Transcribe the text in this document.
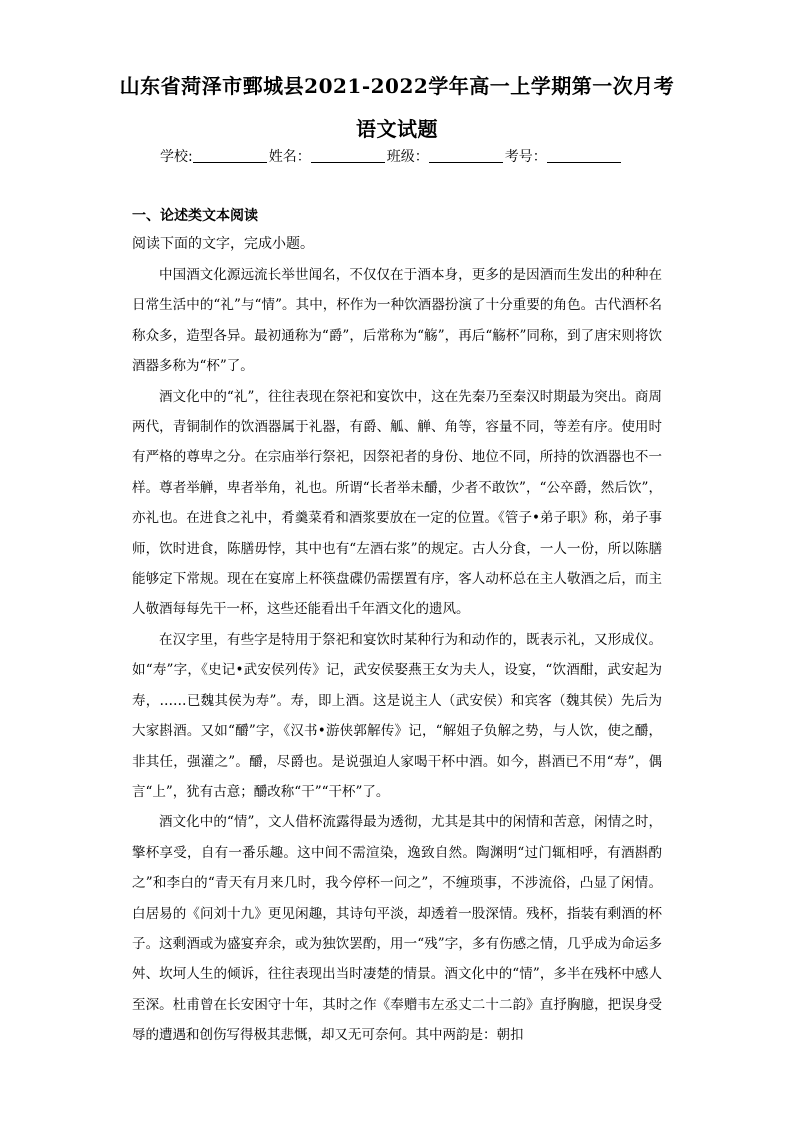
山东省菏泽市鄄城县2021-2022学年高一上学期第一次月考
语文试题
学校:	姓名：	班级：	考号：
一、论述类文本阅读
阅读下面的文字，完成小题。

中国酒文化源远流长举世闻名，不仅仅在于酒本身，更多的是因酒而生发出的种种在日常生活中的“礼”与“情”。其中，杯作为一种饮酒器扮演了十分重要的角色。古代酒杯名称众多，造型各异。最初通称为“爵”，后常称为“觞”，再后“觞杯”同称，到了唐宋则将饮酒器多称为“杯”了。

酒文化中的“礼”，往往表现在祭祀和宴饮中，这在先秦乃至秦汉时期最为突出。商周两代，青铜制作的饮酒器属于礼器，有爵、觚、觯、角等，容量不同，等差有序。使用时有严格的尊卑之分。在宗庙举行祭祀，因祭祀者的身份、地位不同，所持的饮酒器也不一样。尊者举觯，卑者举角，礼也。所谓“长者举未釂，少者不敢饮”，“公卒爵，然后饮”，亦礼也。在进食之礼中，肴羹菜肴和酒浆要放在一定的位置。《管子•弟子职》称，弟子事师，饮时进食，陈膳毋悖，其中也有“左酒右浆”的规定。古人分食，一人一份，所以陈膳能够定下常规。现在在宴席上杯筷盘碟仍需摆置有序，客人动杯总在主人敬酒之后，而主人敬酒每每先干一杯，这些还能看出千年酒文化的遗风。

在汉字里，有些字是特用于祭祀和宴饮时某种行为和动作的，既表示礼，又形成仪。如“寿”字，《史记•武安侯列传》记，武安侯娶燕王女为夫人，设宴，“饮酒酣，武安起为寿，……已魏其侯为寿”。寿，即上酒。这是说主人（武安侯）和宾客（魏其侯）先后为大家斟酒。又如“釂”字，《汉书•游侠郭解传》记，“解姐子负解之势，与人饮，使之釂，非其任，强灌之”。釂，尽爵也。是说强迫人家喝干杯中酒。如今，斟酒已不用“寿”，偶言“上”，犹有古意；釂改称“干”“干杯”了。

酒文化中的“情”，文人借杯流露得最为透彻，尤其是其中的闲情和苦意，闲情之时，擎杯享受，自有一番乐趣。这中间不需渲染，逸致自然。陶渊明“过门辄相呼，有酒斟酌之”和李白的“青天有月来几时，我今停杯一问之”，不缠琐事，不涉流俗，凸显了闲情。白居易的《问刘十九》更见闲趣，其诗句平淡，却透着一股深情。残杯，指装有剩酒的杯子。这剩酒或为盛宴弃余，或为独饮罢酌，用一“残”字，多有伤感之情，几乎成为命运多舛、坎坷人生的倾诉，往往表现出当时凄楚的情景。酒文化中的“情”，多半在残杯中感人至深。杜甫曾在长安困守十年，其时之作《奉赠韦左丞丈二十二韵》直抒胸臆，把误身受辱的遭遇和创伤写得极其悲慨，却又无可奈何。其中两韵是：朝扣
